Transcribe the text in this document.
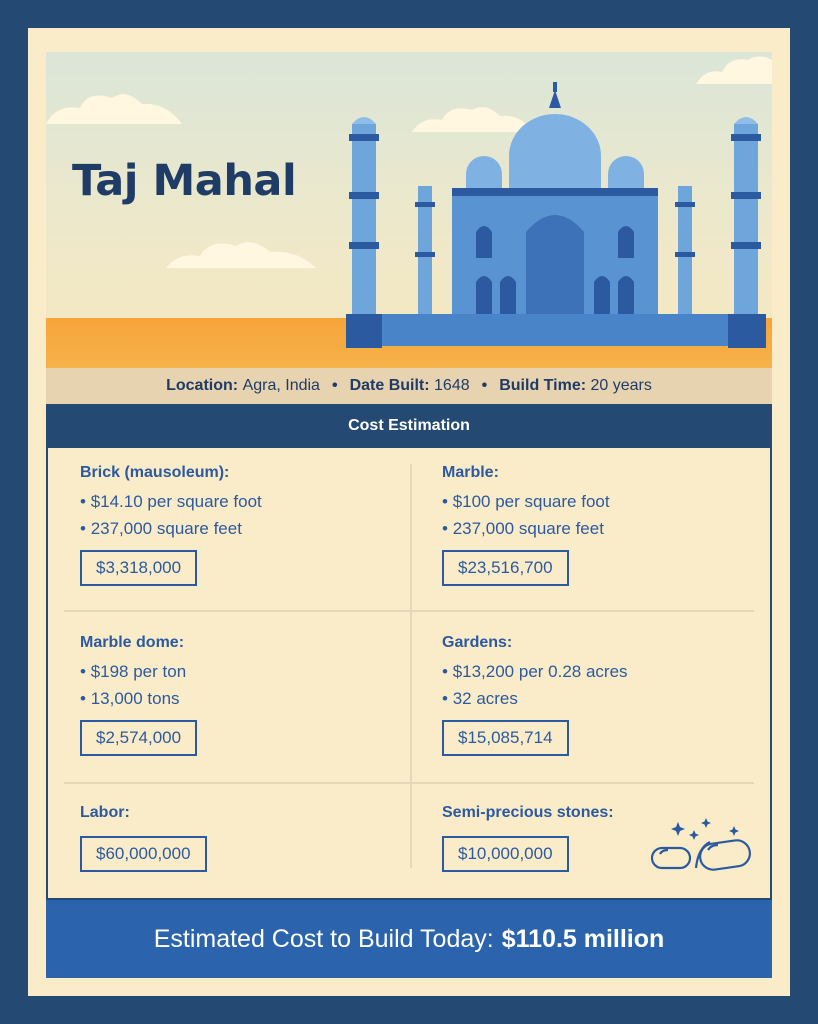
Taj Mahal
Location:
Agra, India • Date Built:
1648 • Build Time:
20 years
Cost Estimation
Brick (mausoleum):
• $14.10 per square foot
• 237,000 square feet
$3,318,000
Marble:
• $100 per square foot
• 237,000 square feet
$23,516,700
Marble dome:
• $198 per ton
• 13,000 tons
$2,574,000
Gardens:
• $13,200 per 0.28 acres
• 32 acres
$15,085,714
Labor:
$60,000,000
Semi-precious stones:
$10,000,000
Estimated Cost to Build Today: $110.5 million
